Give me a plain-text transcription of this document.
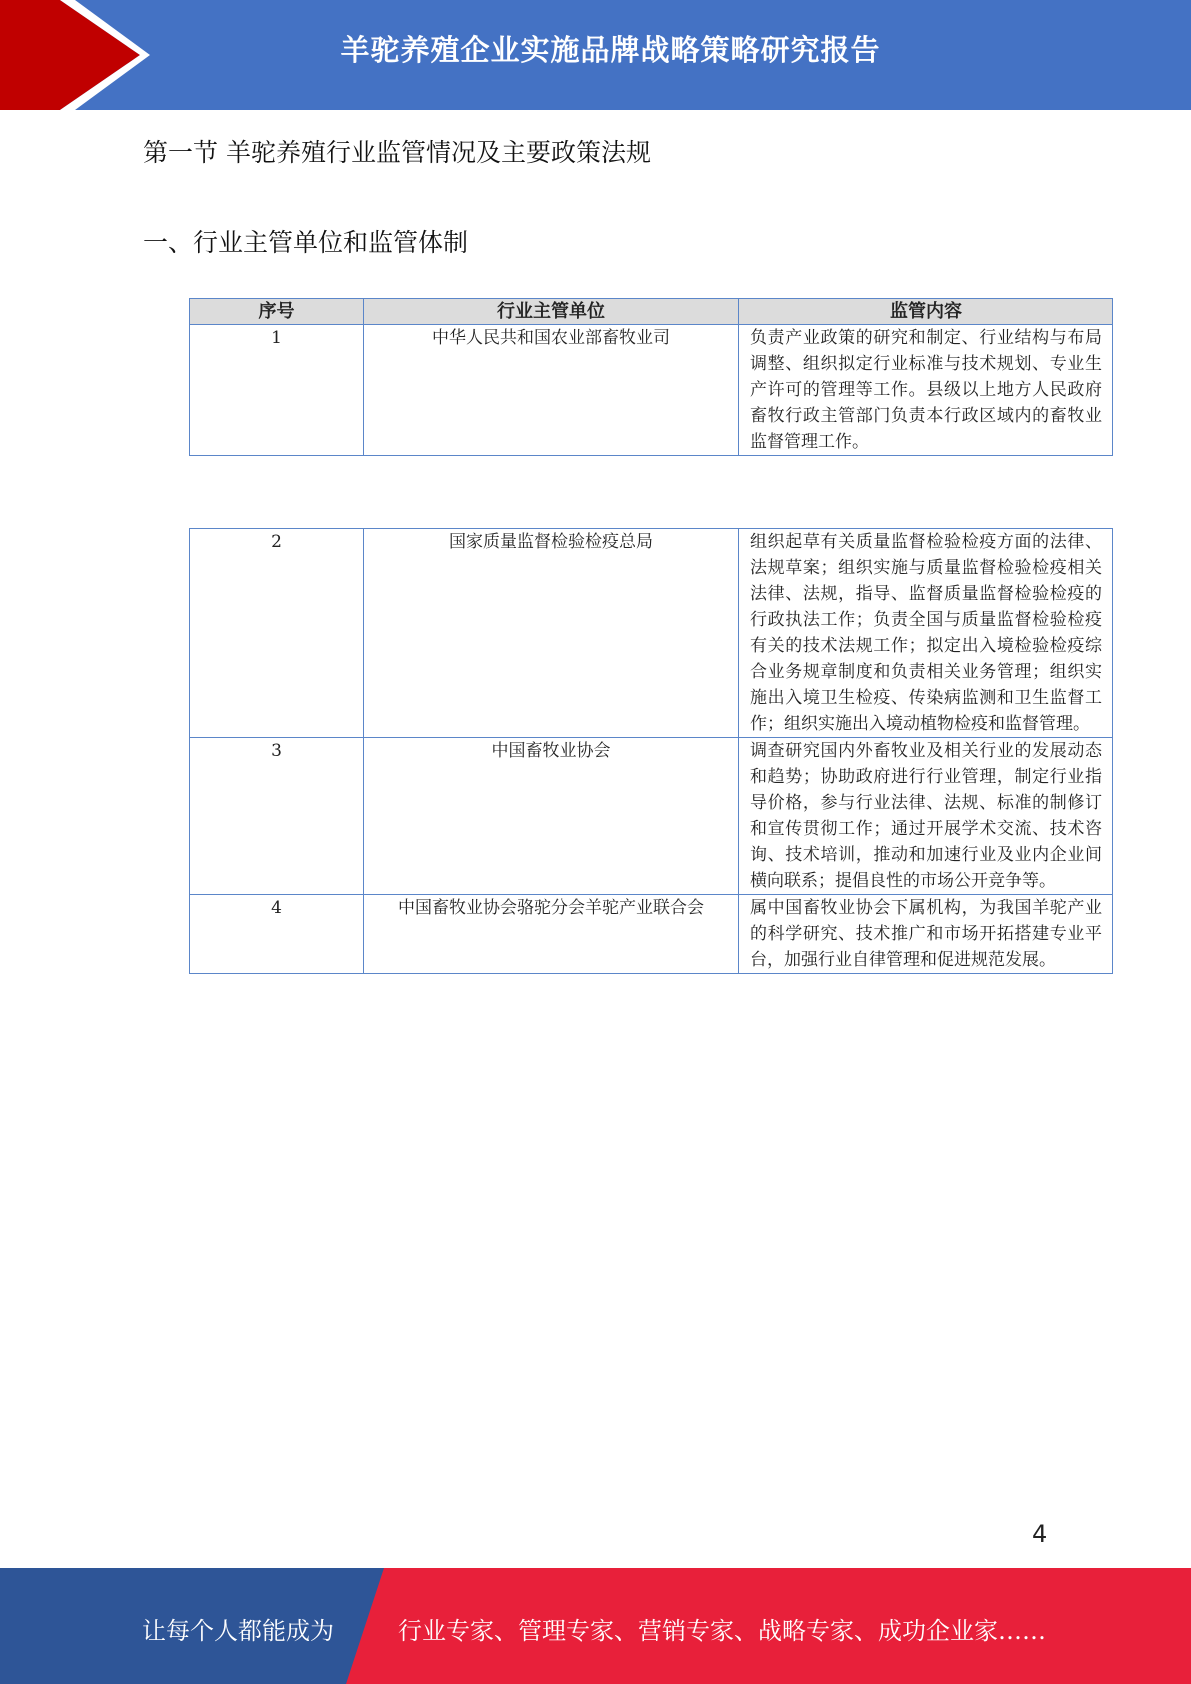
羊驼养殖企业实施品牌战略策略研究报告
第一节 羊驼养殖行业监管情况及主要政策法规
一、行业主管单位和监管体制
序号	行业主管单位	监管内容
1	中华人民共和国农业部畜牧业司	负责产业政策的研究和制定、行业结构与布局调整、组织拟定行业标准与技术规划、专业生产许可的管理等工作。县级以上地方人民政府畜牧行政主管部门负责本行政区域内的畜牧业监督管理工作。
2	国家质量监督检验检疫总局	组织起草有关质量监督检验检疫方面的法律、法规草案；组织实施与质量监督检验检疫相关法律、法规，指导、监督质量监督检验检疫的行政执法工作；负责全国与质量监督检验检疫有关的技术法规工作；拟定出入境检验检疫综合业务规章制度和负责相关业务管理；组织实施出入境卫生检疫、传染病监测和卫生监督工作；组织实施出入境动植物检疫和监督管理。
3	中国畜牧业协会	调查研究国内外畜牧业及相关行业的发展动态和趋势；协助政府进行行业管理，制定行业指导价格，参与行业法律、法规、标准的制修订和宣传贯彻工作；通过开展学术交流、技术咨询、技术培训，推动和加速行业及业内企业间横向联系；提倡良性的市场公开竞争等。
4	中国畜牧业协会骆驼分会羊驼产业联合会	属中国畜牧业协会下属机构，为我国羊驼产业的科学研究、技术推广和市场开拓搭建专业平台，加强行业自律管理和促进规范发展。
4
让每个人都能成为	行业专家、管理专家、营销专家、战略专家、成功企业家……
